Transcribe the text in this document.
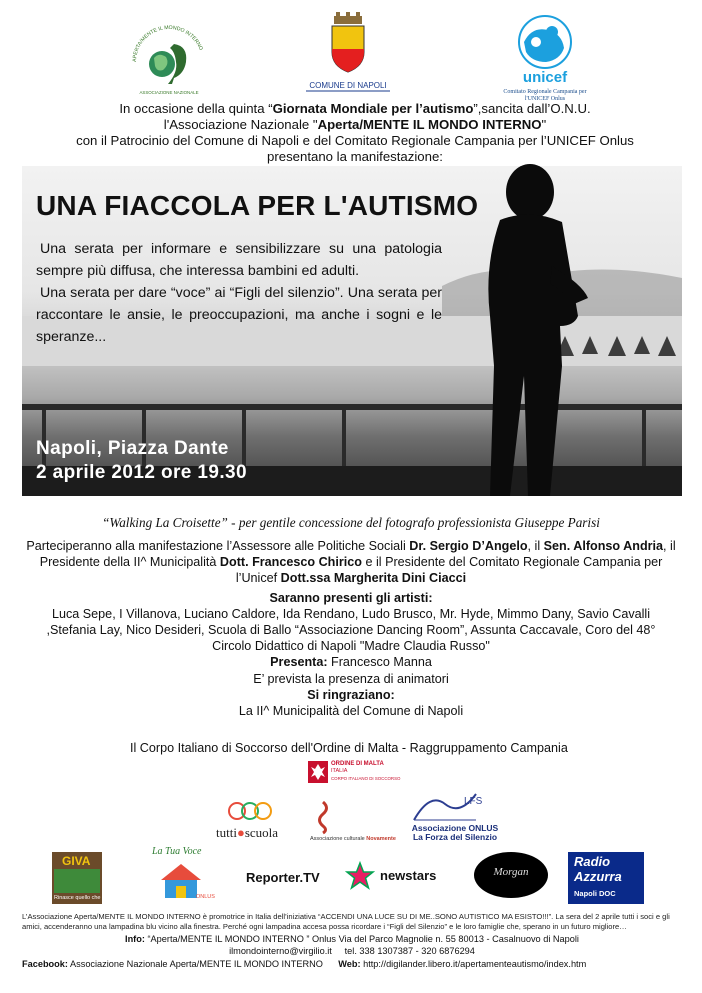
APERTA/MENTE IL MONDO INTERNO
ASSOCIAZIONE NAZIONALE
COMUNE DI NAPOLI	unicef
Comitato Regionale Campania per l'UNICEF Onlus
In occasione della quinta “Giornata Mondiale per l’autismo”,sancita dall’O.N.U.
l'Associazione Nazionale "Aperta/MENTE IL MONDO INTERNO"
con il Patrocinio del Comune di Napoli e del Comitato Regionale Campania per l’UNICEF Onlus
presentano la manifestazione:
UNA FIACCOLA PER L'AUTISMO
Una serata per informare e sensibilizzare su una patologia sempre più diffusa, che interessa bambini ed adulti.
Una serata per dare “voce” ai “Figli del silenzio”. Una serata per raccontare le ansie, le preoccupazioni, ma anche i sogni e le speranze...
Napoli, Piazza Dante
2 aprile 2012 ore 19.30
“Walking La Croisette” - per gentile concessione del fotografo professionista Giuseppe Parisi

Parteciperanno alla manifestazione l’Assessore alle Politiche Sociali Dr. Sergio D’Angelo, il Sen. Alfonso Andria, il Presidente della II^ Municipalità Dott. Francesco Chirico e il Presidente del Comitato Regionale Campania per l’Unicef Dott.ssa Margherita Dini Ciacci

Saranno presenti gli artisti:

Luca Sepe, I Villanova, Luciano Caldore, Ida Rendano, Ludo Brusco, Mr. Hyde, Mimmo Dany, Savio Cavalli ,Stefania Lay, Nico Desideri, Scuola di Ballo “Associazione Dancing Room”, Assunta Caccavale, Coro del 48° Circolo Didattico di Napoli "Madre Claudia Russo"

Presenta: Francesco Manna

E’ prevista la presenza di animatori

Si ringraziano:

La II^ Municipalità del Comune di Napoli

Il Corpo Italiano di Soccorso dell'Ordine di Malta - Raggruppamento Campania
ORDINE DI MALTA
ITALIA
CORPO ITALIANO DI SOCCORSO
tutti●scuola	Associazione culturale Novamente
LFS
Associazione ONLUS
La Forza del Silenzio
GIVA
Rinasce quello che conta
La Tua Voce
ONLUS
Reporter.TV	newstars	Morgan
Radio
Azzurra
Napoli DOC
L’Associazione Aperta/MENTE IL MONDO INTERNO è promotrice in Italia dell’iniziativa “ACCENDI UNA LUCE SU DI ME..SONO AUTISTICO MA ESISTO!!!”. La sera del 2 aprile tutti i soci e gli amici, accenderanno una lampadina blu vicino alla finestra. Perché ogni lampadina accesa possa ricordare i “Figli del Silenzio” e le loro famiglie che, sperano in un futuro migliore…
Info: “Aperta/MENTE IL MONDO INTERNO ” Onlus Via del Parco Magnolie n. 55 80013 - Casalnuovo di Napoli
ilmondointerno@virgilio.it tel. 338 1307387 - 320 6876294
Facebook: Associazione Nazionale Aperta/MENTE IL MONDO INTERNO Web: http://digilander.libero.it/apertamenteautismo/index.htm
